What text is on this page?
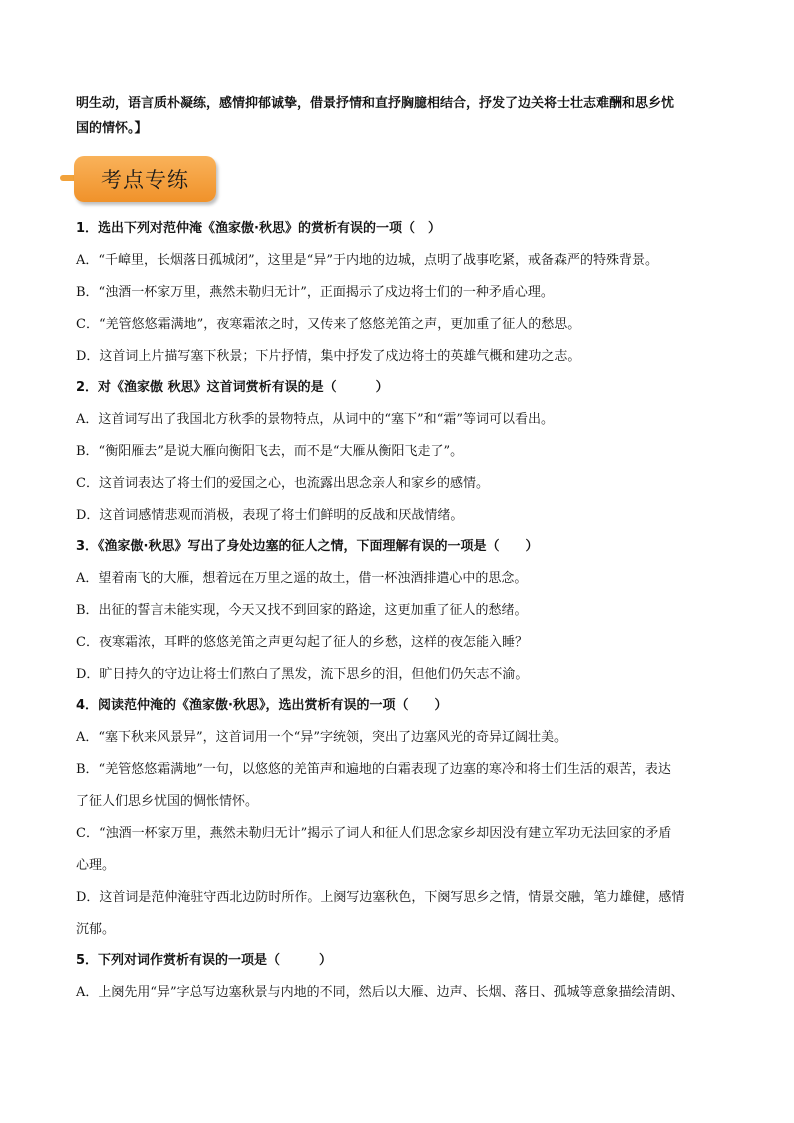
明生动，语言质朴凝练，感情抑郁诚挚，借景抒情和直抒胸臆相结合，抒发了边关将士壮志难酬和思乡忧
国的情怀。】
考点专练
1．选出下列对范仲淹《渔家傲·秋思》的赏析有误的一项（　）
A．“千嶂里，长烟落日孤城闭”，这里是“异”于内地的边城，点明了战事吃紧，戒备森严的特殊背景。
B．“浊酒一杯家万里，燕然未勒归无计”，正面揭示了戍边将士们的一种矛盾心理。
C．“羌管悠悠霜满地”，夜寒霜浓之时，又传来了悠悠羌笛之声，更加重了征人的愁思。
D．这首词上片描写塞下秋景；下片抒情，集中抒发了戍边将士的英雄气概和建功之志。
2．对《渔家傲 秋思》这首词赏析有误的是（　　　）
A．这首词写出了我国北方秋季的景物特点，从词中的“塞下”和“霜”等词可以看出。
B．“衡阳雁去”是说大雁向衡阳飞去，而不是“大雁从衡阳飞走了”。
C．这首词表达了将士们的爱国之心，也流露出思念亲人和家乡的感情。
D．这首词感情悲观而消极，表现了将士们鲜明的反战和厌战情绪。
3．《渔家傲·秋思》写出了身处边塞的征人之情，下面理解有误的一项是（　　）
A．望着南飞的大雁，想着远在万里之遥的故土，借一杯浊酒排遣心中的思念。
B．出征的誓言未能实现，今天又找不到回家的路途，这更加重了征人的愁绪。
C．夜寒霜浓，耳畔的悠悠羌笛之声更勾起了征人的乡愁，这样的夜怎能入睡？
D．旷日持久的守边让将士们熬白了黑发，流下思乡的泪，但他们仍矢志不渝。
4．阅读范仲淹的《渔家傲·秋思》，选出赏析有误的一项（　　）
A．“塞下秋来风景异”，这首词用一个“异”字统领，突出了边塞风光的奇异辽阔壮美。
B．“羌管悠悠霜满地”一句，以悠悠的羌笛声和遍地的白霜表现了边塞的寒冷和将士们生活的艰苦，表达
了征人们思乡忧国的惆怅情怀。
C．“浊酒一杯家万里，燕然未勒归无计”揭示了词人和征人们思念家乡却因没有建立军功无法回家的矛盾
心理。
D．这首词是范仲淹驻守西北边防时所作。上阕写边塞秋色，下阕写思乡之情，情景交融，笔力雄健，感情
沉郁。
5．下列对词作赏析有误的一项是（　　　）
A．上阕先用“异”字总写边塞秋景与内地的不同，然后以大雁、边声、长烟、落日、孤城等意象描绘清朗、
